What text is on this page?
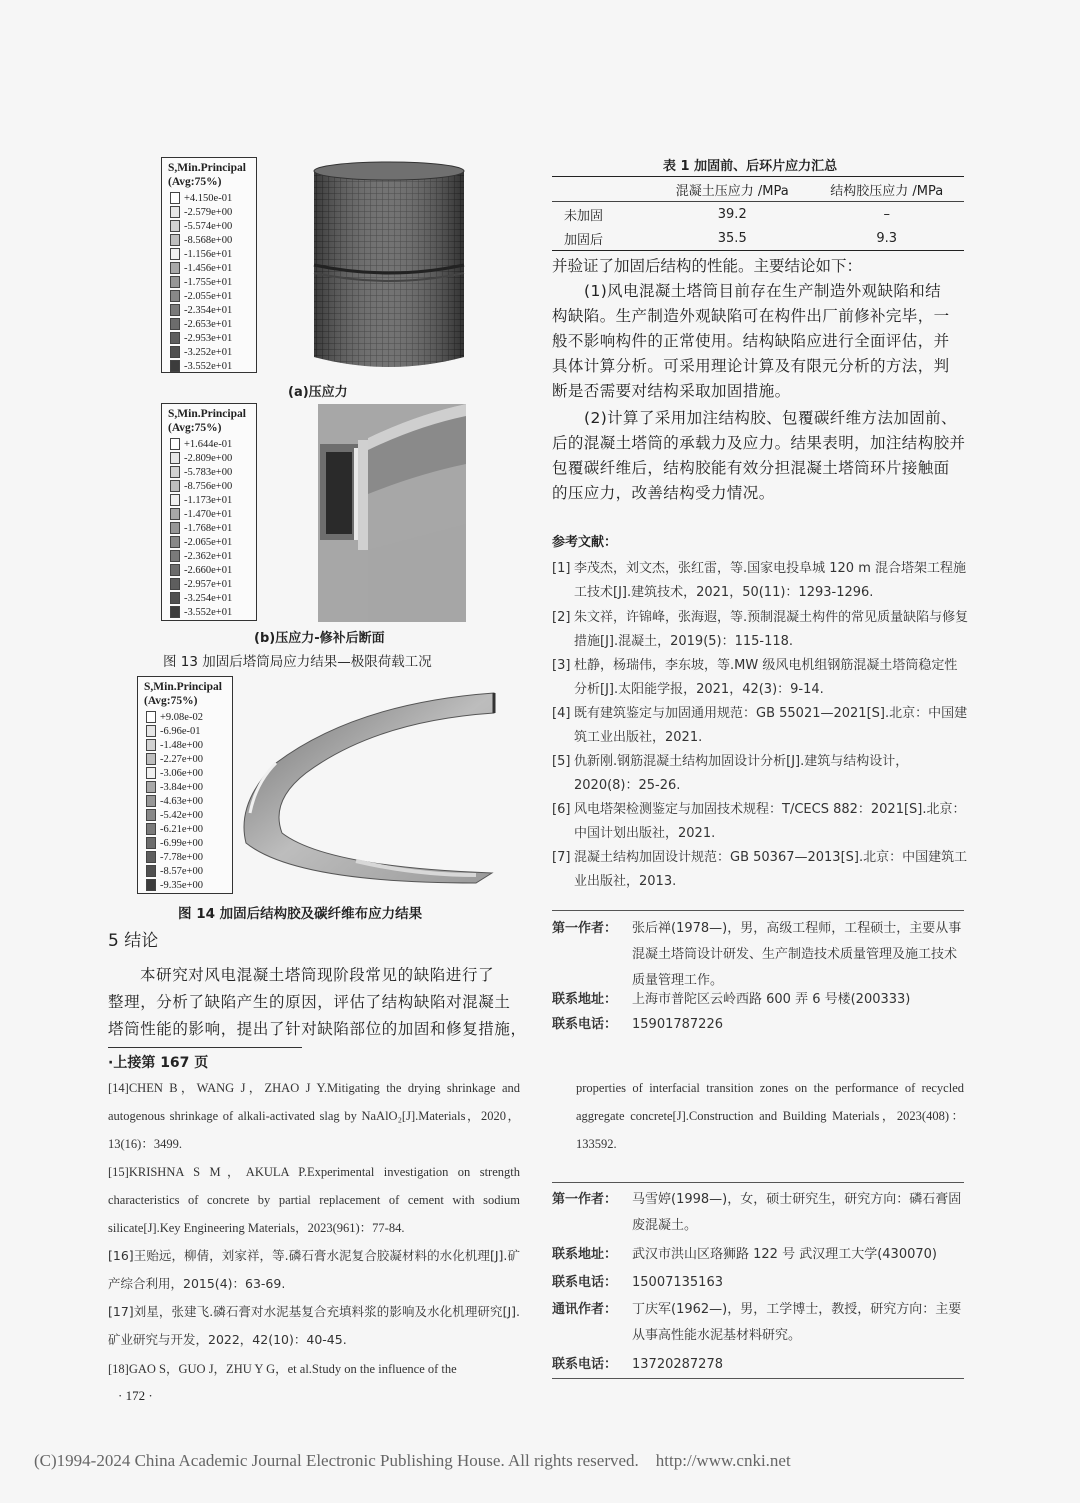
S,Min.Principal
(Avg:75%)
+4.150e-01
-2.579e+00
-5.574e+00
-8.568e+00
-1.156e+01
-1.456e+01
-1.755e+01
-2.055e+01
-2.354e+01
-2.653e+01
-2.953e+01
-3.252e+01
-3.552e+01
(a)压应力
S,Min.Principal
(Avg:75%)
+1.644e-01
-2.809e+00
-5.783e+00
-8.756e+00
-1.173e+01
-1.470e+01
-1.768e+01
-2.065e+01
-2.362e+01
-2.660e+01
-2.957e+01
-3.254e+01
-3.552e+01
(b)压应力-修补后断面
图 13 加固后塔筒局应力结果—极限荷载工况
S,Min.Principal
(Avg:75%)
+9.08e-02
-6.96e-01
-1.48e+00
-2.27e+00
-3.06e+00
-3.84e+00
-4.63e+00
-5.42e+00
-6.21e+00
-6.99e+00
-7.78e+00
-8.57e+00
-9.35e+00
图 14 加固后结构胶及碳纤维布应力结果
5 结论
本研究对风电混凝土塔筒现阶段常见的缺陷进行了
整理，分析了缺陷产生的原因，评估了结构缺陷对混凝土
塔筒性能的影响，提出了针对缺陷部位的加固和修复措施，
·上接第 167 页
[14]CHEN B，WANG J，ZHAO J Y.Mitigating the drying shrinkage and autogenous shrinkage of alkali-activated slag by NaAlO₂[J].Materials，2020，13(16)：3499.
[15]KRISHNA S M，AKULA P.Experimental investigation on strength characteristics of concrete by partial replacement of cement with sodium silicate[J].Key Engineering Materials，2023(961)：77-84.
[16]王贻远，柳倩，刘家祥，等.磷石膏水泥复合胶凝材料的水化机理[J].矿产综合利用，2015(4)：63-69.
[17]刘星，张建飞.磷石膏对水泥基复合充填料浆的影响及水化机理研究[J].矿业研究与开发，2022，42(10)：40-45.
[18]GAO S，GUO J，ZHU Y G，et al.Study on the influence of the
· 172 ·
表 1 加固前、后环片应力汇总
	混凝土压应力 /MPa	结构胶压应力 /MPa
未加固	39.2	–
加固后	35.5	9.3
并验证了加固后结构的性能。主要结论如下：
(1)风电混凝土塔筒目前存在生产制造外观缺陷和结
构缺陷。生产制造外观缺陷可在构件出厂前修补完毕，一
般不影响构件的正常使用。结构缺陷应进行全面评估，并
具体计算分析。可采用理论计算及有限元分析的方法，判
断是否需要对结构采取加固措施。
(2)计算了采用加注结构胶、包覆碳纤维方法加固前、
后的混凝土塔筒的承载力及应力。结果表明，加注结构胶并
包覆碳纤维后，结构胶能有效分担混凝土塔筒环片接触面
的压应力，改善结构受力情况。
参考文献：
[1] 李茂杰，刘文杰，张红雷，等.国家电投阜城 120 m 混合塔架工程施工技术[J].建筑技术，2021，50(11)：1293-1296.
[2] 朱文祥，许锦峰，张海遐，等.预制混凝土构件的常见质量缺陷与修复措施[J].混凝土，2019(5)：115-118.
[3] 杜静，杨瑞伟，李东坡，等.MW 级风电机组钢筋混凝土塔筒稳定性分析[J].太阳能学报，2021，42(3)：9-14.
[4] 既有建筑鉴定与加固通用规范：GB 55021—2021[S].北京：中国建筑工业出版社，2021.
[5] 仇新刚.钢筋混凝土结构加固设计分析[J].建筑与结构设计，2020(8)：25-26.
[6] 风电塔架检测鉴定与加固技术规程：T/CECS 882：2021[S].北京：中国计划出版社，2021.
[7] 混凝土结构加固设计规范：GB 50367—2013[S].北京：中国建筑工业出版社，2013.
第一作者： 张后禅(1978—)，男，高级工程师，工程硕士，主要从事混凝土塔筒设计研发、生产制造技术质量管理及施工技术质量管理工作。
联系地址： 上海市普陀区云岭西路 600 弄 6 号楼(200333)
联系电话： 15901787226
properties of interfacial transition zones on the performance of recycled aggregate concrete[J].Construction and Building Materials，2023(408)：133592.
第一作者： 马雪婷(1998—)，女，硕士研究生，研究方向：磷石膏固废混凝土。
联系地址： 武汉市洪山区珞狮路 122 号 武汉理工大学(430070)
联系电话： 15007135163
通讯作者： 丁庆军(1962—)，男，工学博士，教授，研究方向：主要从事高性能水泥基材料研究。
联系电话： 13720287278
(C)1994-2024 China Academic Journal Electronic Publishing House. All rights reserved.    http://www.cnki.net
